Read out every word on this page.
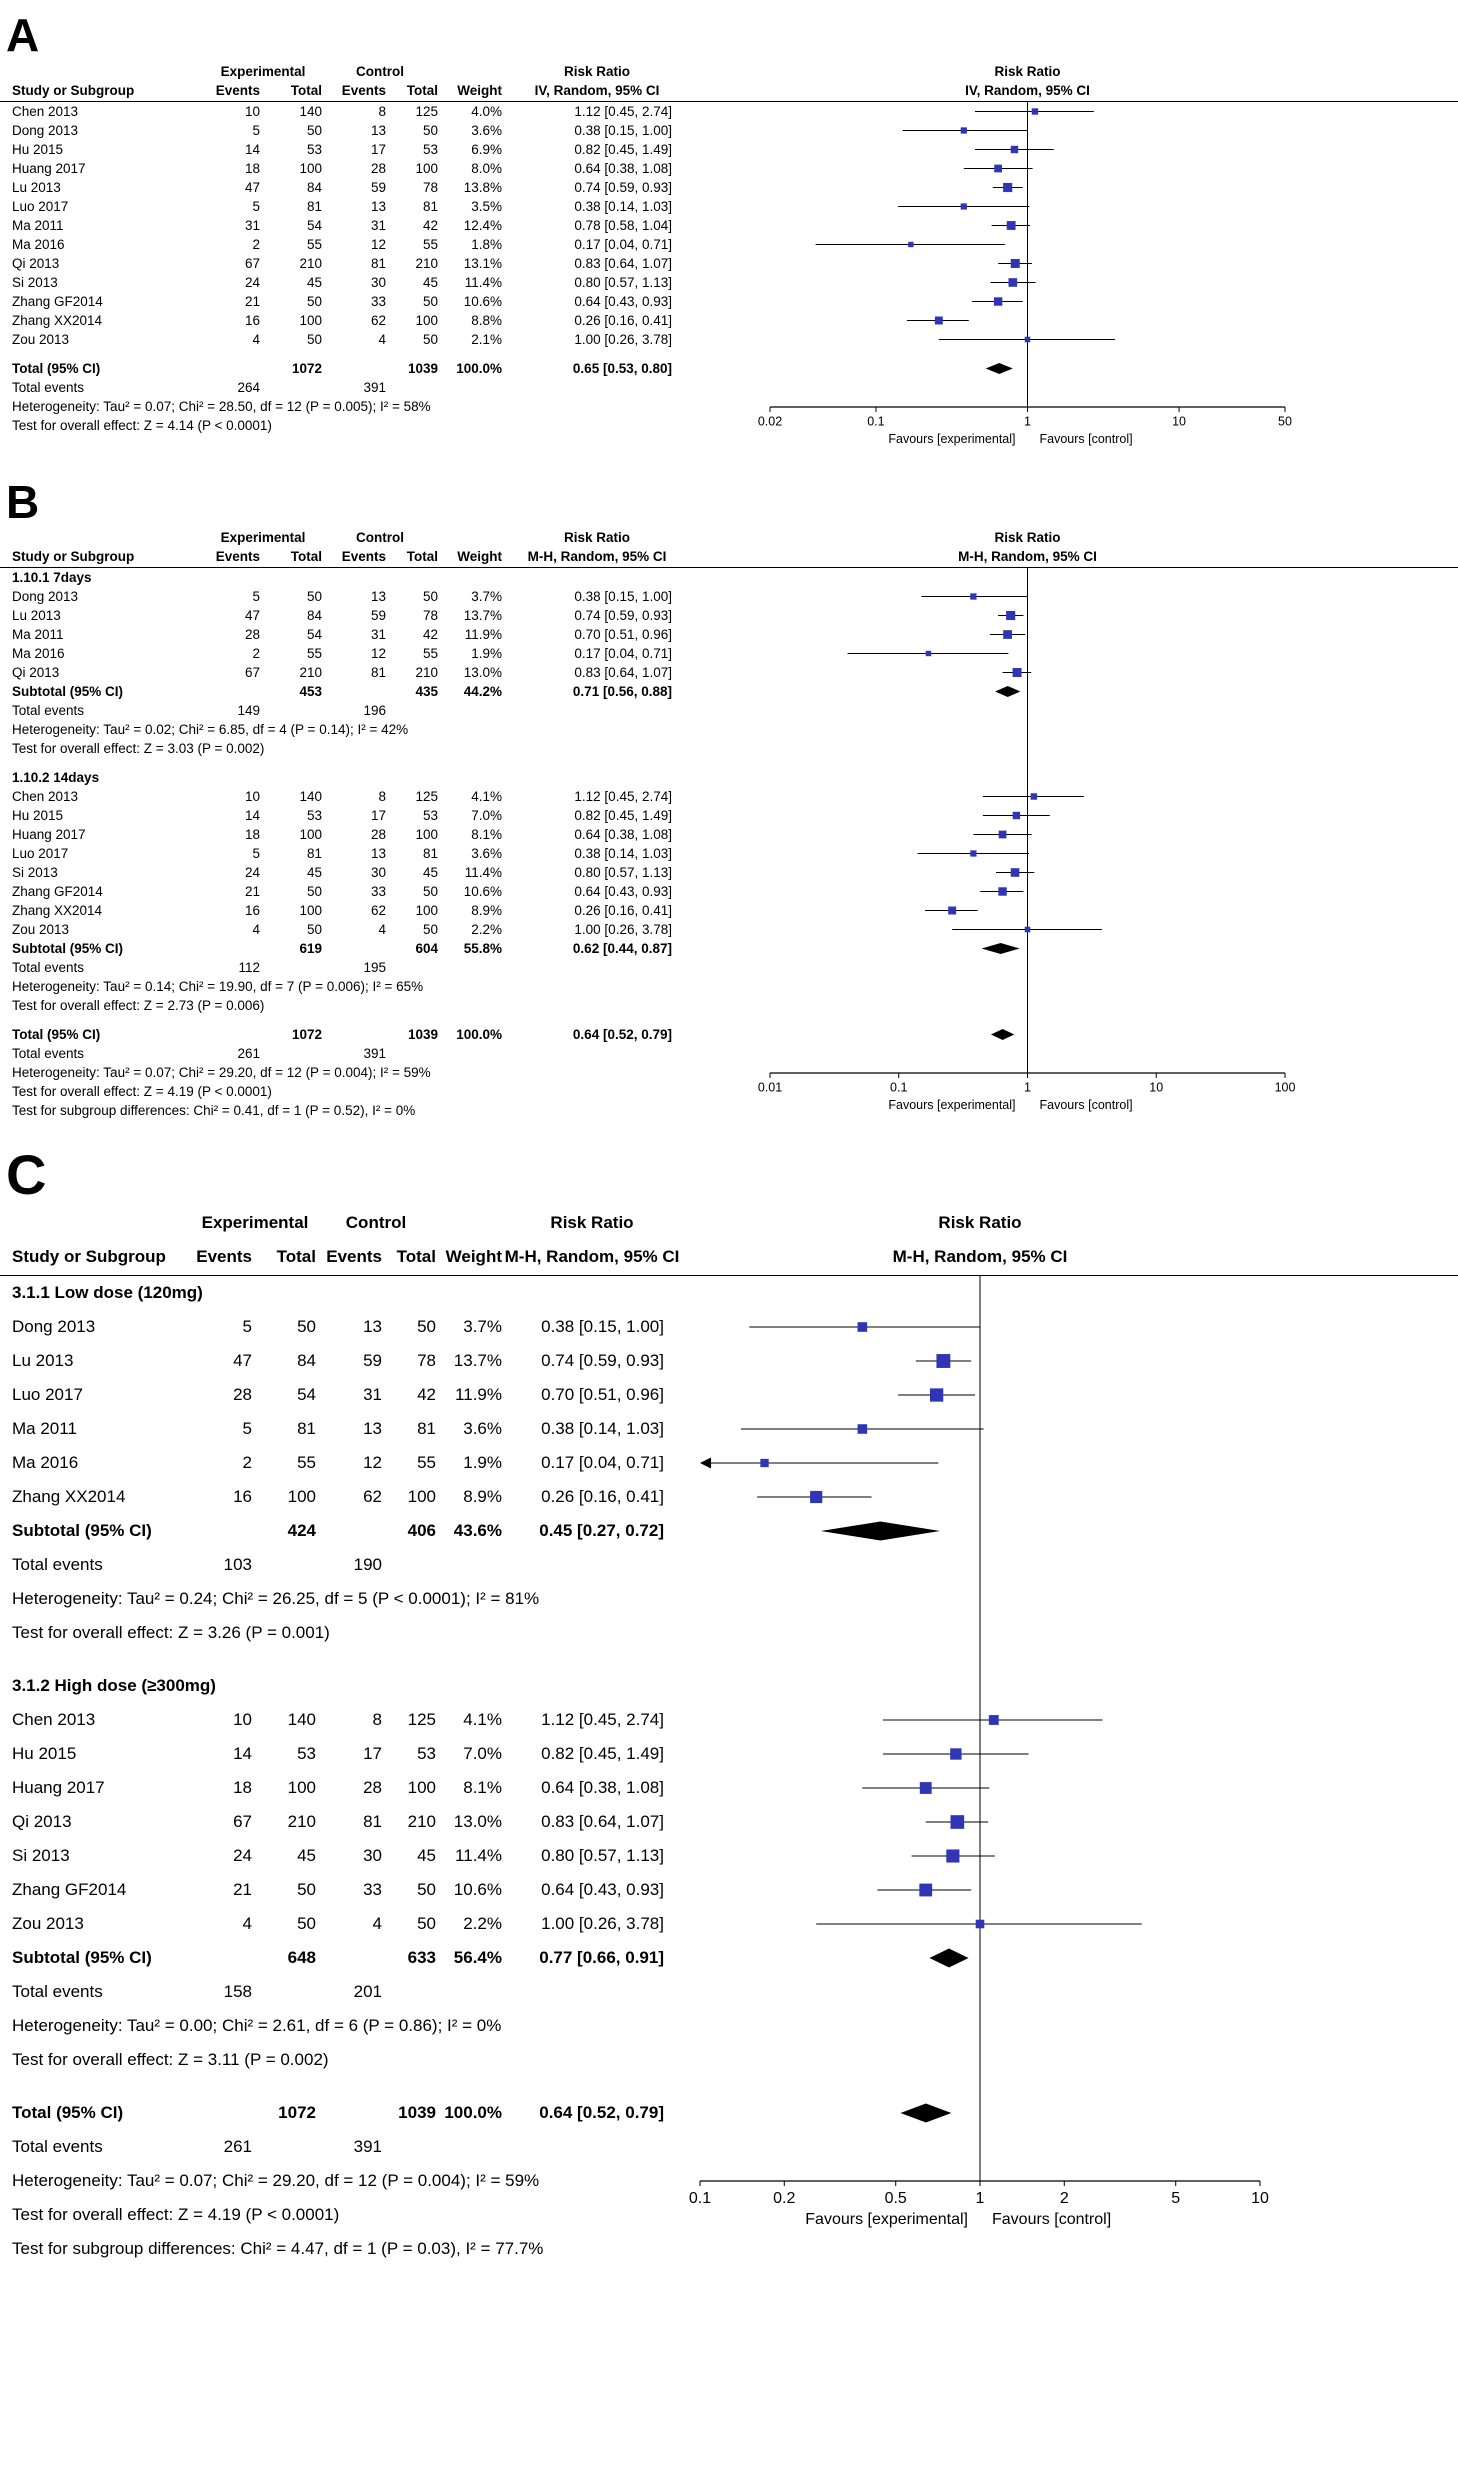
A
Experimental	Control	Risk Ratio	Risk Ratio
Study or Subgroup	Events Total Events Total Weight IV, Random, 95% CI	IV, Random, 95% CI
Chen 2013	10	140	8	125	4.0%	1.12 [0.45, 2.74]
Dong 2013	5	50	13	50	3.6%	0.38 [0.15, 1.00]
Hu 2015	14	53	17	53	6.9%	0.82 [0.45, 1.49]
Huang 2017	18	100	28	100	8.0%	0.64 [0.38, 1.08]
Lu 2013	47	84	59	78	13.8%	0.74 [0.59, 0.93]
Luo 2017	5	81	13	81	3.5%	0.38 [0.14, 1.03]
Ma 2011	31	54	31	42	12.4%	0.78 [0.58, 1.04]
Ma 2016	2	55	12	55	1.8%	0.17 [0.04, 0.71]
Qi 2013	67	210	81	210	13.1%	0.83 [0.64, 1.07]
Si 2013	24	45	30	45	11.4%	0.80 [0.57, 1.13]
Zhang GF2014	21	50	33	50	10.6%	0.64 [0.43, 0.93]
Zhang XX2014	16	100	62	100	8.8%	0.26 [0.16, 0.41]
Zou 2013	4	50	4	50	2.1%	1.00 [0.26, 3.78]
Total (95% CI)	1072	1039	100.0%	0.65 [0.53, 0.80]
Total events	264	391
Heterogeneity: Tau² = 0.07; Chi² = 28.50, df = 12 (P = 0.005); I² = 58%
Test for overall effect: Z = 4.14 (P < 0.0001)	0.02	0.1	1	10	50
Favours [experimental] Favours [control]
B
Experimental	Control	Risk Ratio	Risk Ratio
Study or Subgroup	Events Total Events Total Weight M-H, Random, 95% CI	M-H, Random, 95% CI
1.10.1 7days
Dong 2013	5	50	13	50	3.7%	0.38 [0.15, 1.00]
Lu 2013	47	84	59	78	13.7%	0.74 [0.59, 0.93]
Ma 2011	28	54	31	42	11.9%	0.70 [0.51, 0.96]
Ma 2016	2	55	12	55	1.9%	0.17 [0.04, 0.71]
Qi 2013	67	210	81	210	13.0%	0.83 [0.64, 1.07]
Subtotal (95% CI)	453	435	44.2%	0.71 [0.56, 0.88]
Total events	149	196
Heterogeneity: Tau² = 0.02; Chi² = 6.85, df = 4 (P = 0.14); I² = 42%
Test for overall effect: Z = 3.03 (P = 0.002)
1.10.2 14days
Chen 2013	10	140	8	125	4.1%	1.12 [0.45, 2.74]
Hu 2015	14	53	17	53	7.0%	0.82 [0.45, 1.49]
Huang 2017	18	100	28	100	8.1%	0.64 [0.38, 1.08]
Luo 2017	5	81	13	81	3.6%	0.38 [0.14, 1.03]
Si 2013	24	45	30	45	11.4%	0.80 [0.57, 1.13]
Zhang GF2014	21	50	33	50	10.6%	0.64 [0.43, 0.93]
Zhang XX2014	16	100	62	100	8.9%	0.26 [0.16, 0.41]
Zou 2013	4	50	4	50	2.2%	1.00 [0.26, 3.78]
Subtotal (95% CI)	619	604	55.8%	0.62 [0.44, 0.87]
Total events	112	195
Heterogeneity: Tau² = 0.14; Chi² = 19.90, df = 7 (P = 0.006); I² = 65%
Test for overall effect: Z = 2.73 (P = 0.006)
Total (95% CI)	1072	1039	100.0%	0.64 [0.52, 0.79]
Total events	261	391
Heterogeneity: Tau² = 0.07; Chi² = 29.20, df = 12 (P = 0.004); I² = 59%
Test for overall effect: Z = 4.19 (P < 0.0001)
Test for subgroup differences: Chi² = 0.41, df = 1 (P = 0.52), I² = 0%
0.01	0.1	1	10	100
Favours [experimental] Favours [control]
C
Experimental Control	Risk Ratio	Risk Ratio
Study or Subgroup Events Total Events Total Weight M-H, Random, 95% CI	M-H, Random, 95% CI
3.1.1 Low dose (120mg)
Dong 2013	5	50	13	50	3.7%	0.38 [0.15, 1.00]
Lu 2013	47	84	59	78	13.7%	0.74 [0.59, 0.93]
Luo 2017	28	54	31	42	11.9%	0.70 [0.51, 0.96]
Ma 2011	5	81	13	81	3.6%	0.38 [0.14, 1.03]
Ma 2016	2	55	12	55	1.9%	0.17 [0.04, 0.71]
Zhang XX2014	16	100	62	100	8.9%	0.26 [0.16, 0.41]
Subtotal (95% CI)	424	406	43.6%	0.45 [0.27, 0.72]
Total events	103	190
Heterogeneity: Tau² = 0.24; Chi² = 26.25, df = 5 (P < 0.0001); I² = 81%
Test for overall effect: Z = 3.26 (P = 0.001)
3.1.2 High dose (≥300mg)
Chen 2013	10	140	8	125	4.1%	1.12 [0.45, 2.74]
Hu 2015	14	53	17	53	7.0%	0.82 [0.45, 1.49]
Huang 2017	18	100	28	100	8.1%	0.64 [0.38, 1.08]
Qi 2013	67	210	81	210	13.0%	0.83 [0.64, 1.07]
Si 2013	24	45	30	45	11.4%	0.80 [0.57, 1.13]
Zhang GF2014	21	50	33	50	10.6%	0.64 [0.43, 0.93]
Zou 2013	4	50	4	50	2.2%	1.00 [0.26, 3.78]
Subtotal (95% CI)	648	633	56.4%	0.77 [0.66, 0.91]
Total events	158	201
Heterogeneity: Tau² = 0.00; Chi² = 2.61, df = 6 (P = 0.86); I² = 0%
Test for overall effect: Z = 3.11 (P = 0.002)
Total (95% CI)	1072	1039 100.0%	0.64 [0.52, 0.79]
Total events	261	391
Heterogeneity: Tau² = 0.07; Chi² = 29.20, df = 12 (P = 0.004); I² = 59%
Test for overall effect: Z = 4.19 (P < 0.0001)
Test for subgroup differences: Chi² = 4.47, df = 1 (P = 0.03), I² = 77.7%
0.1	0.2	0.5	1	2	5	10
Favours [experimental] Favours [control]
